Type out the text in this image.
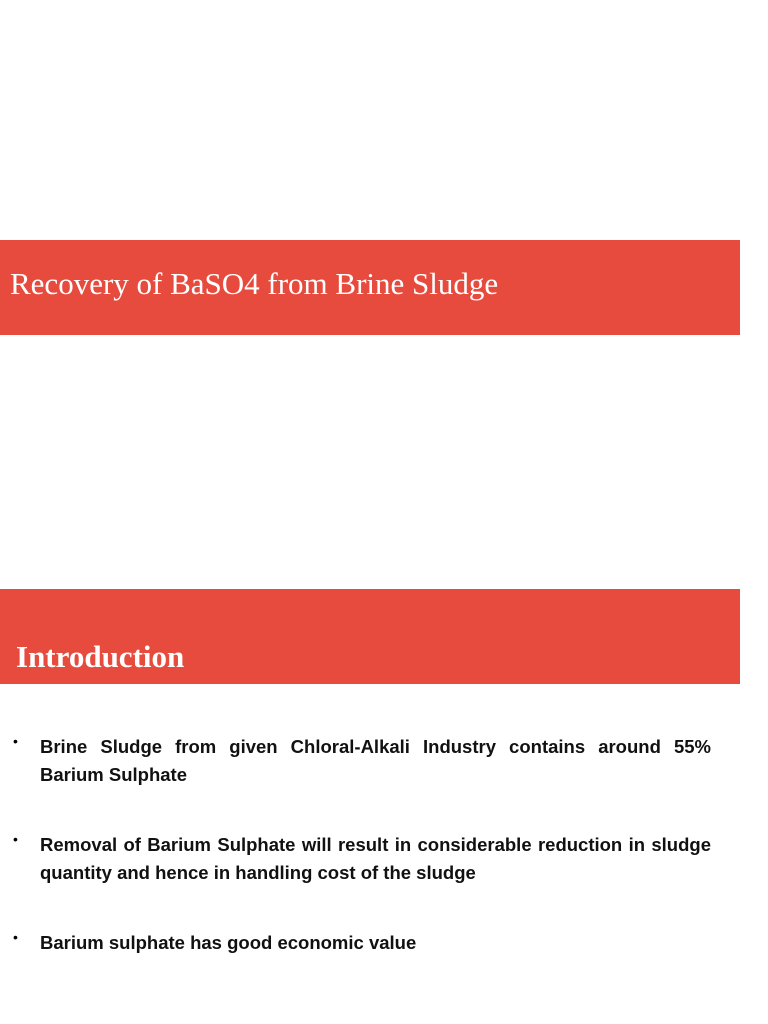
Recovery of BaSO4 from Brine Sludge
Introduction
• Brine Sludge from given Chloral-Alkali Industry contains around 55% Barium Sulphate
• Removal of Barium Sulphate will result in considerable reduction in sludge quantity and hence in handling cost of the sludge
• Barium sulphate has good economic value
